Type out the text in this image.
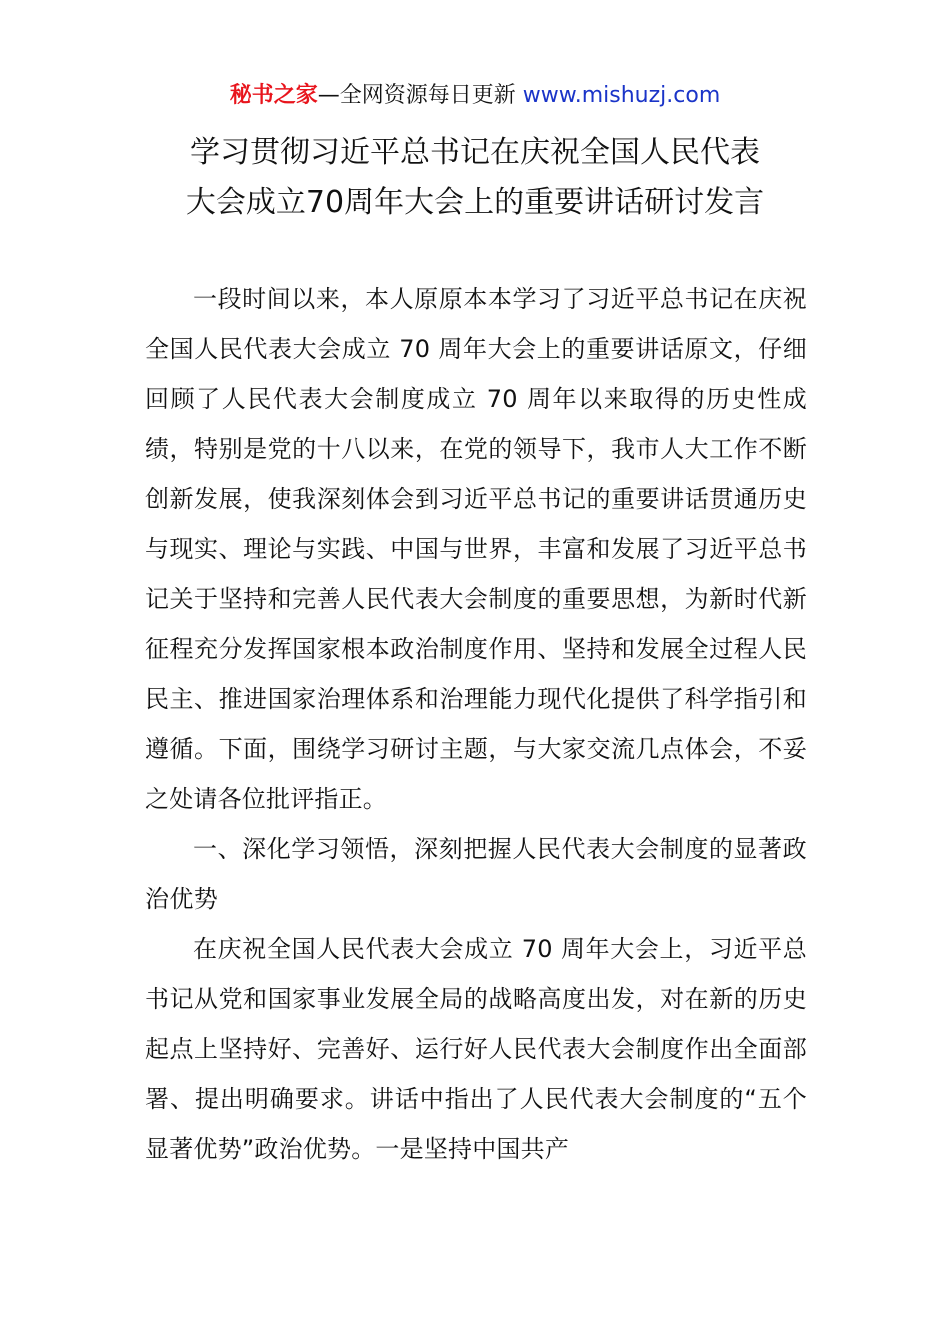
秘书之家—全网资源每日更新 www.mishuzj.com
学习贯彻习近平总书记在庆祝全国人民代表
大会成立70周年大会上的重要讲话研讨发言

一段时间以来，本人原原本本学习了习近平总书记在庆祝全国人民代表大会成立 70 周年大会上的重要讲话原文，仔细回顾了人民代表大会制度成立 70 周年以来取得的历史性成绩，特别是党的十八以来，在党的领导下，我市人大工作不断创新发展，使我深刻体会到习近平总书记的重要讲话贯通历史与现实、理论与实践、中国与世界，丰富和发展了习近平总书记关于坚持和完善人民代表大会制度的重要思想，为新时代新征程充分发挥国家根本政治制度作用、坚持和发展全过程人民民主、推进国家治理体系和治理能力现代化提供了科学指引和遵循。下面，围绕学习研讨主题，与大家交流几点体会，不妥之处请各位批评指正。

一、深化学习领悟，深刻把握人民代表大会制度的显著政治优势

在庆祝全国人民代表大会成立 70 周年大会上，习近平总书记从党和国家事业发展全局的战略高度出发，对在新的历史起点上坚持好、完善好、运行好人民代表大会制度作出全面部署、提出明确要求。讲话中指出了人民代表大会制度的“五个显著优势”政治优势。一是坚持中国共产
